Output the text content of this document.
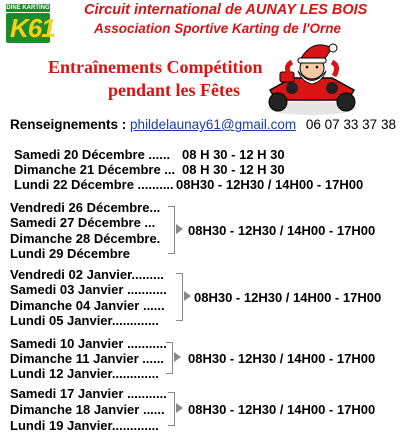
DINE KARTING
K61
Circuit international de AUNAY LES BOIS
Association Sportive Karting de l'Orne
Entraînements Compétition
pendant les Fêtes
Renseignements : phildelaunay61@gmail.com 06 07 33 37 38
Samedi 20 Décembre ......
Dimanche 21 Décembre ...
Lundi 22 Décembre ..........
08 H 30 - 12 H 30
08 H 30 - 12 H 30
08H30 - 12H30 / 14H00 - 17H00
Vendredi 26 Décembre...
Samedi 27 Décembre ...
Dimanche 28 Décembre.
Lundi 29 Décembre
08H30 - 12H30 / 14H00 - 17H00
Vendredi 02 Janvier.........
Samedi 03 Janvier ...........
Dimanche 04 Janvier ......
Lundi 05 Janvier.............
08H30 - 12H30 / 14H00 - 17H00
Samedi 10 Janvier ...........
Dimanche 11 Janvier ......
Lundi 12 Janvier.............
08H30 - 12H30 / 14H00 - 17H00
Samedi 17 Janvier ...........
Dimanche 18 Janvier ......
Lundi 19 Janvier.............
08H30 - 12H30 / 14H00 - 17H00
